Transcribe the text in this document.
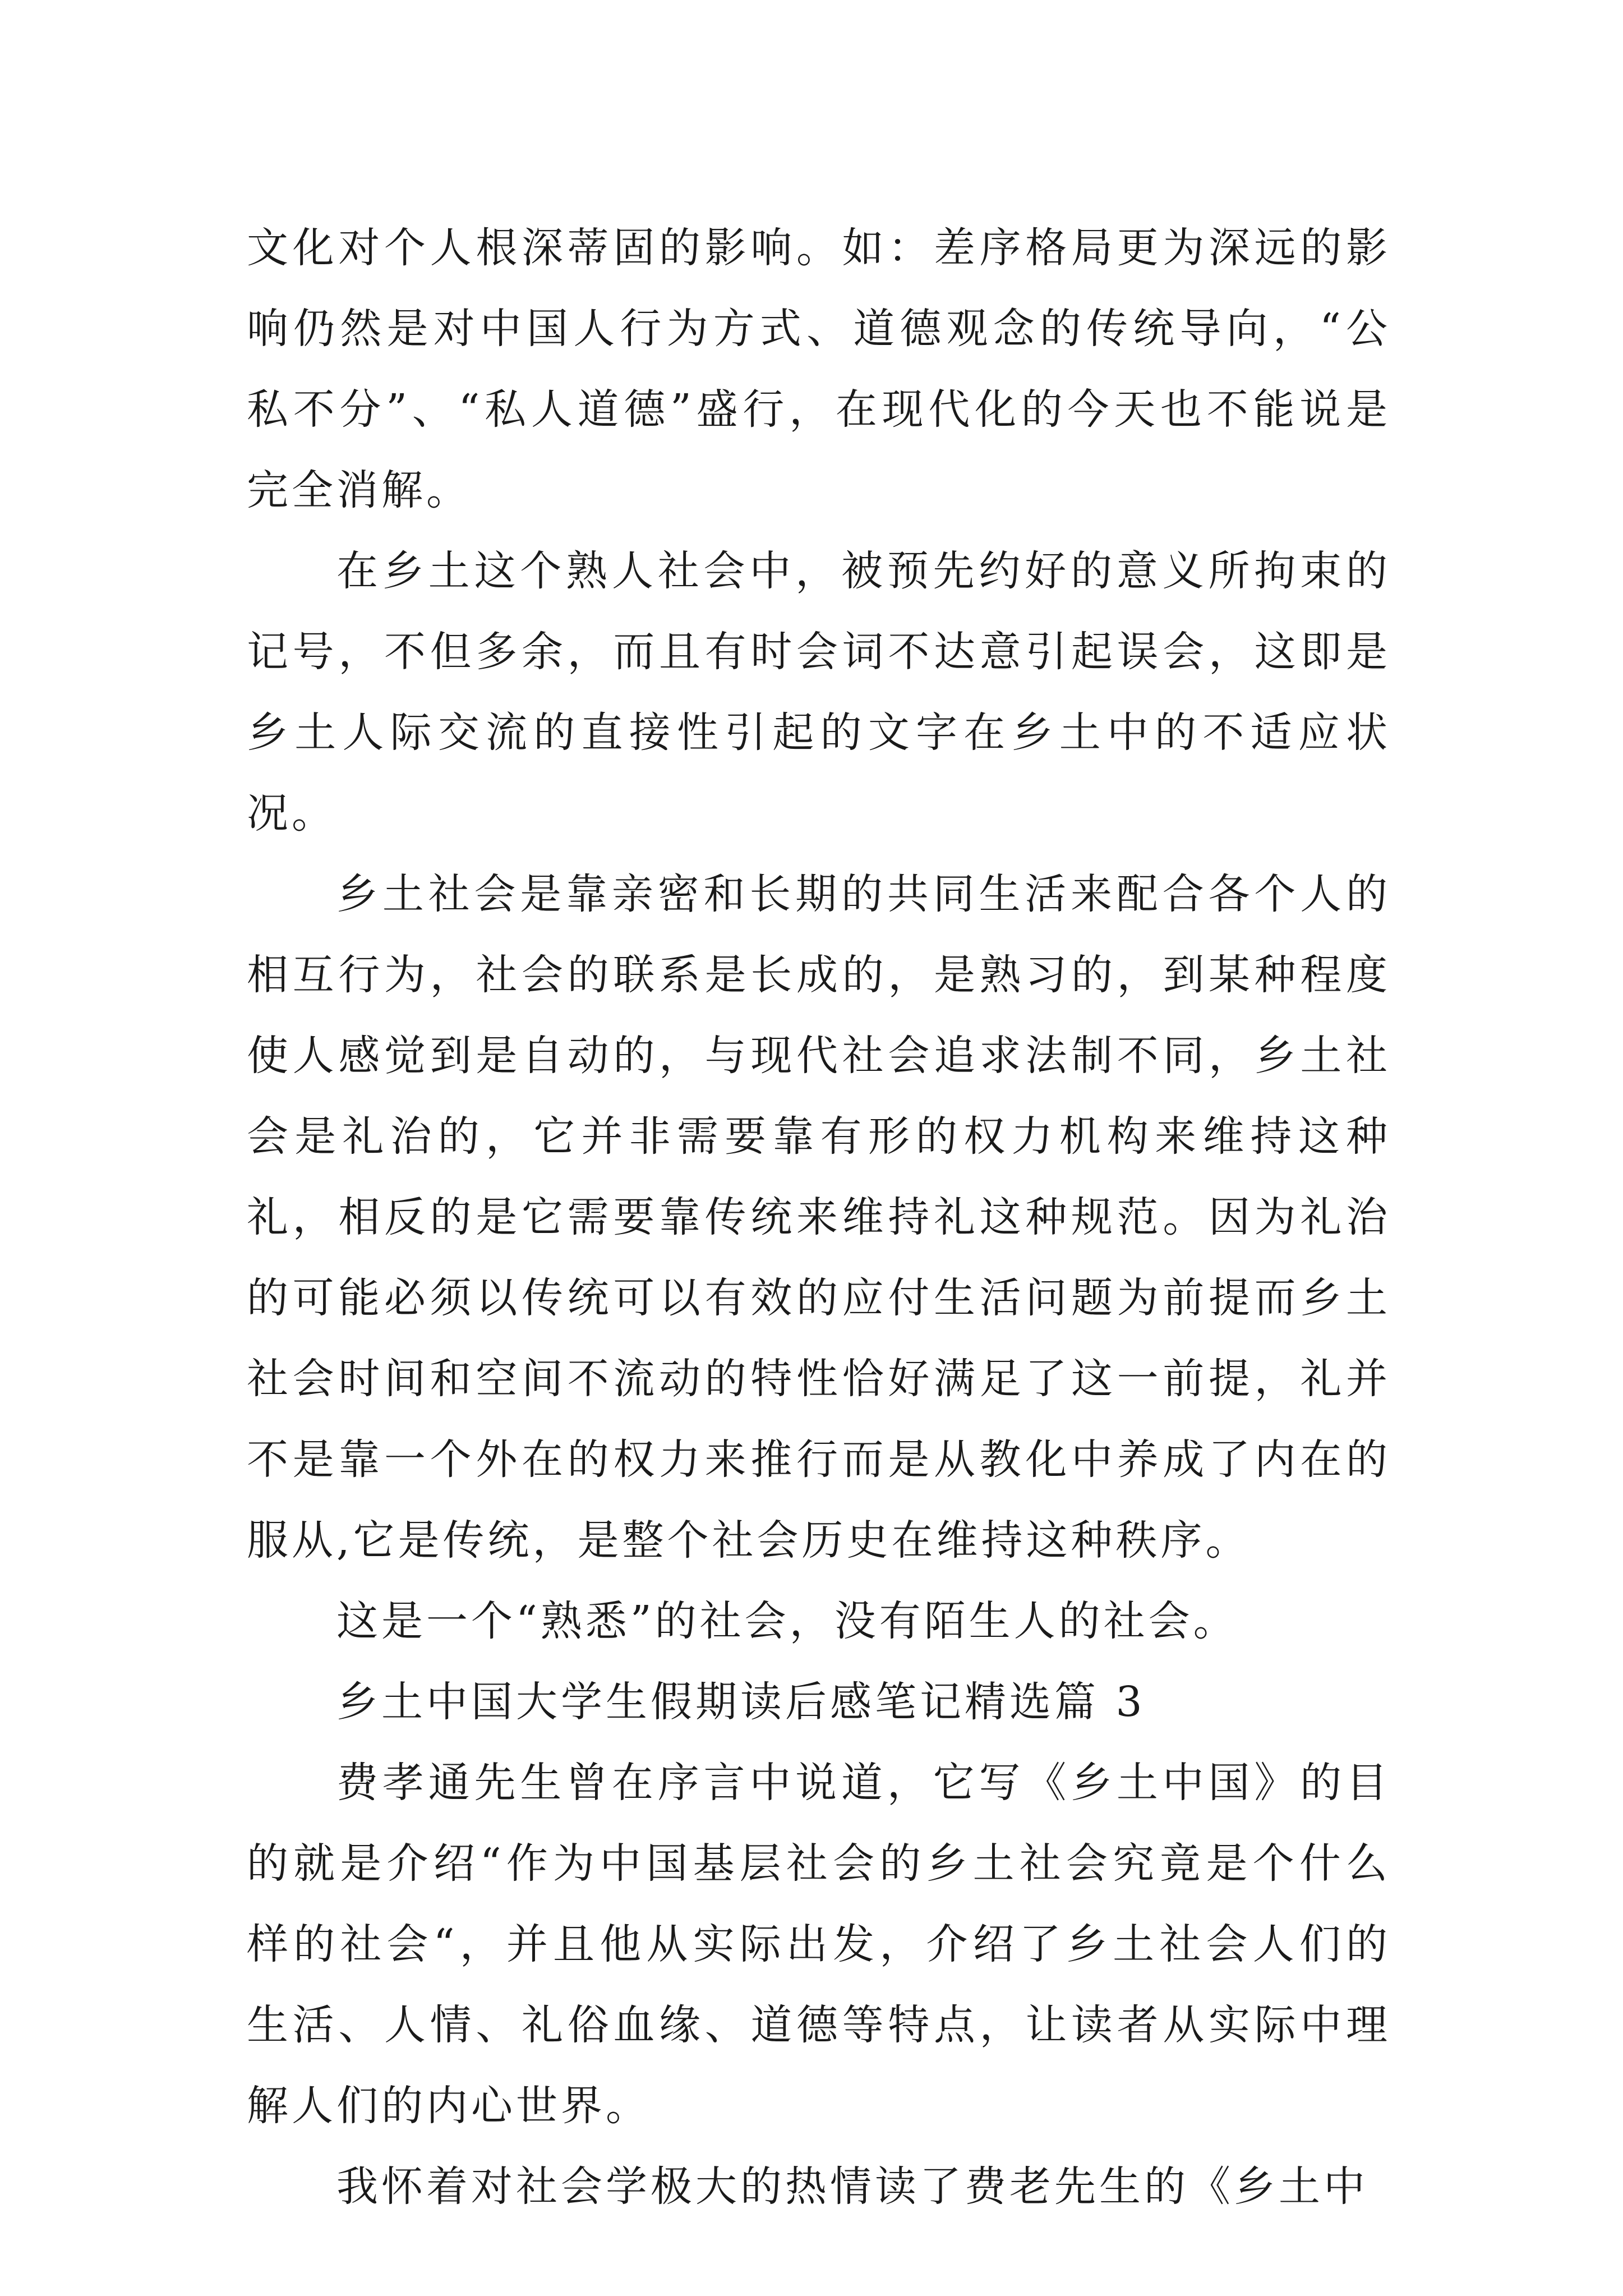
文化对个人根深蒂固的影响。如：差序格局更为深远的影响仍然是对中国人行为方式、道德观念的传统导向，“公私不分”、“私人道德”盛行，在现代化的今天也不能说是完全消解。

在乡土这个熟人社会中，被预先约好的意义所拘束的记号，不但多余，而且有时会词不达意引起误会，这即是乡土人际交流的直接性引起的文字在乡土中的不适应状况。

乡土社会是靠亲密和长期的共同生活来配合各个人的相互行为，社会的联系是长成的，是熟习的，到某种程度使人感觉到是自动的，与现代社会追求法制不同，乡土社会是礼治的，它并非需要靠有形的权力机构来维持这种礼，相反的是它需要靠传统来维持礼这种规范。因为礼治的可能必须以传统可以有效的应付生活问题为前提而乡土社会时间和空间不流动的特性恰好满足了这一前提，礼并不是靠一个外在的权力来推行而是从教化中养成了内在的服从,它是传统，是整个社会历史在维持这种秩序。

这是一个“熟悉”的社会，没有陌生人的社会。

乡土中国大学生假期读后感笔记精选篇 3

费孝通先生曾在序言中说道，它写《乡土中国》的目的就是介绍“作为中国基层社会的乡土社会究竟是个什么样的社会“，并且他从实际出发，介绍了乡土社会人们的生活、人情、礼俗血缘、道德等特点，让读者从实际中理解人们的内心世界。

我怀着对社会学极大的热情读了费老先生的《乡土中
